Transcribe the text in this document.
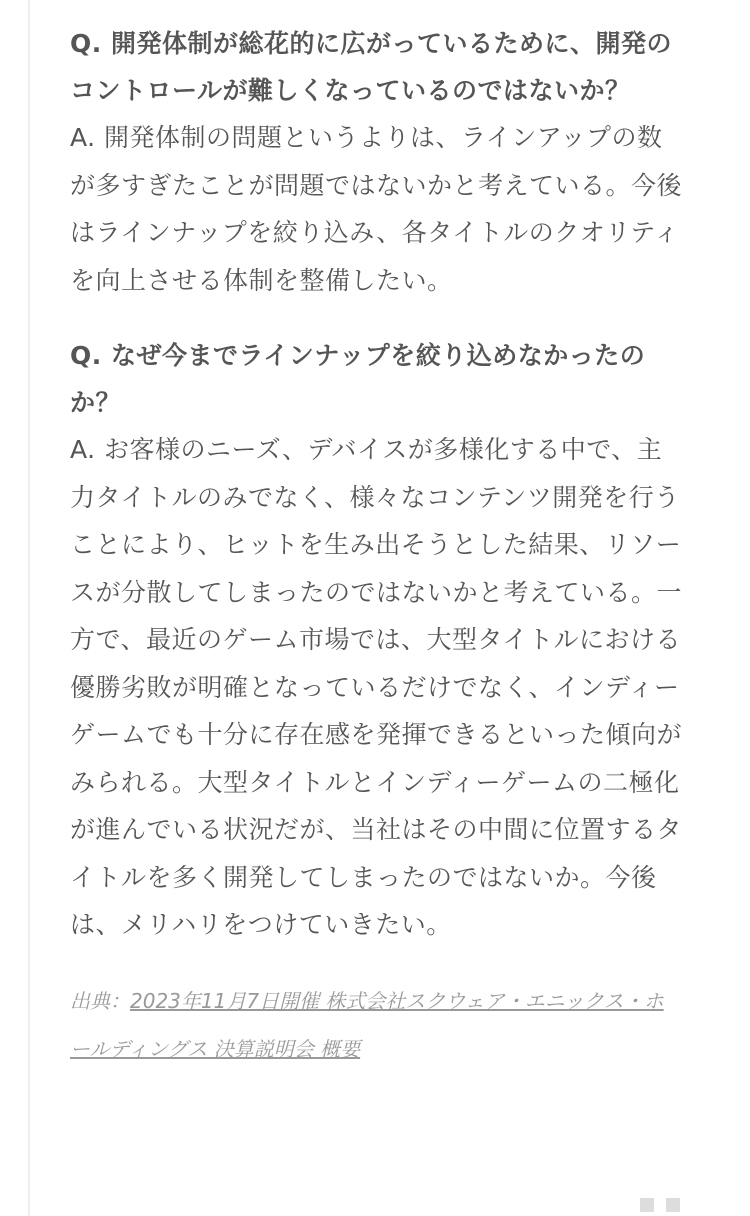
Q. 開発体制が総花的に広がっているために、開発のコントロールが難しくなっているのではないか？

A. 開発体制の問題というよりは、ラインアップの数が多すぎたことが問題ではないかと考えている。今後はラインナップを絞り込み、各タイトルのクオリティを向上させる体制を整備したい。

Q. なぜ今までラインナップを絞り込めなかったのか？

A. お客様のニーズ、デバイスが多様化する中で、主力タイトルのみでなく、様々なコンテンツ開発を行うことにより、ヒットを生み出そうとした結果、リソースが分散してしまったのではないかと考えている。一方で、最近のゲーム市場では、大型タイトルにおける優勝劣敗が明確となっているだけでなく、インディーゲームでも十分に存在感を発揮できるといった傾向がみられる。大型タイトルとインディーゲームの二極化が進んでいる状況だが、当社はその中間に位置するタイトルを多く開発してしまったのではないか。今後は、メリハリをつけていきたい。

出典：2023年11月7日開催 株式会社スクウェア・エニックス・ホールディングス 決算説明会 概要
